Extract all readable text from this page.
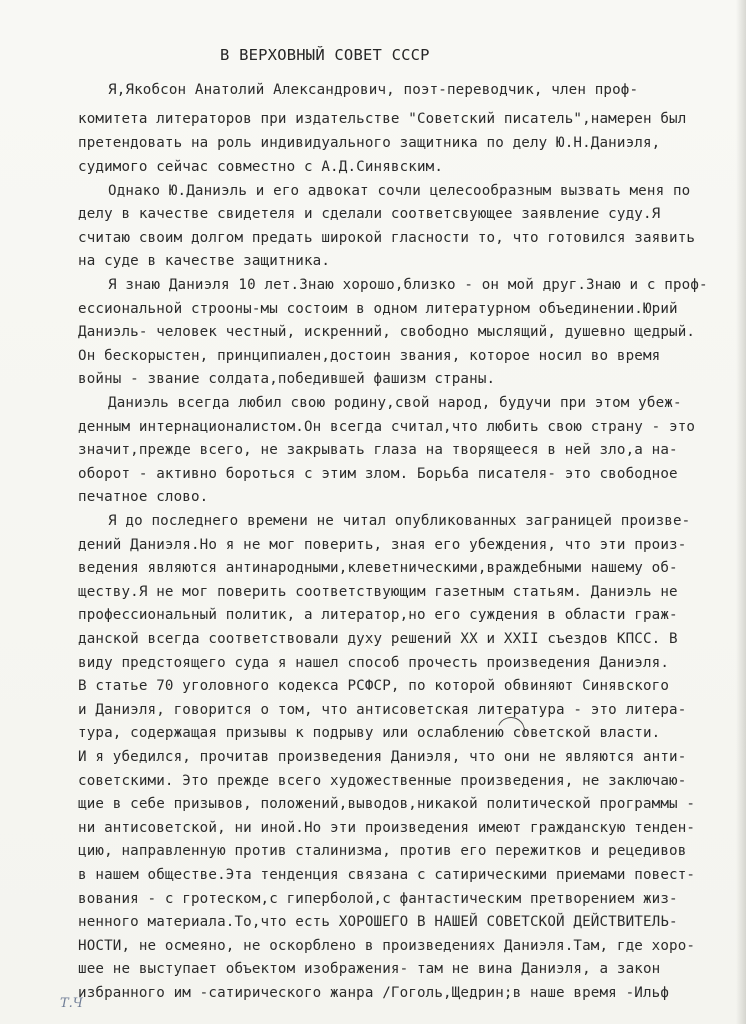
В ВЕРХОВНЫЙ СОВЕТ СССР
Я,Якобсон Анатолий Александрович, поэт-переводчик, член проф-
комитета литераторов при издательстве "Советский писатель",намерен был
претендовать на роль индивидуального защитника по делу Ю.Н.Даниэля,
судимого сейчас совместно с А.Д.Синявским.
Однако Ю.Даниэль и его адвокат сочли целесообразным вызвать меня по
делу в качестве свидетеля и сделали соответсвующее заявление суду.Я
считаю своим долгом предать широкой гласности то, что готовился заявить
на суде в качестве защитника.
Я знаю Даниэля 10 лет.Знаю хорошо,близко - он мой друг.Знаю и с проф-
ессиональной строоны-мы состоим в одном литературном объединении.Юрий
Даниэль- человек честный, искренний, свободно мыслящий, душевно щедрый.
Он бескорыстен, принципиален,достоин звания, которое носил во время
войны - звание солдата,победившей фашизм страны.
Даниэль всегда любил свою родину,свой народ, будучи при этом убеж-
денным интернационалистом.Он всегда считал,что любить свою страну - это
значит,прежде всего, не закрывать глаза на творящееся в ней зло,а на-
оборот - активно бороться с этим злом. Борьба писателя- это свободное
печатное слово.
Я до последнего времени не читал опубликованных заграницей произве-
дений Даниэля.Но я не мог поверить, зная его убеждения, что эти произ-
ведения являются антинародными,клеветническими,враждебными нашему об-
ществу.Я не мог поверить соответствующим газетным статьям. Даниэль не
профессиональный политик, а литератор,но его суждения в области граж-
данской всегда соответствовали духу решений XX и XXII съездов КПСС. В
виду предстоящего суда я нашел способ прочесть произведения Даниэля.
В статье 70 уголовного кодекса РСФСР, по которой обвиняют Синявского
и Даниэля, говорится о том, что антисоветская литература - это литера-
тура, содержащая призывы к подрыву или ослаблению советской власти.
И я убедился, прочитав произведения Даниэля, что они не являются анти-
советскими. Это прежде всего художественные произведения, не заключаю-
щие в себе призывов, положений,выводов,никакой политической программы -
ни антисоветской, ни иной.Но эти произведения имеют гражданскую тенден-
цию, направленную против сталинизма, против его пережитков и рецедивов
в нашем обществе.Эта тенденция связана с сатирическими приемами повест-
вования - с гротеском,с гиперболой,с фантастическим претворением жиз-
ненного материала.То,что есть ХОРОШЕГО В НАШЕЙ СОВЕТСКОЙ ДЕЙСТВИТЕЛЬ-
НОСТИ, не осмеяно, не оскорблено в произведениях Даниэля.Там, где хоро-
шее не выступает объектом изображения- там не вина Даниэля, а закон
избранного им -сатирического жанра /Гоголь,Щедрин;в наше время -Ильф
Т.Ч
